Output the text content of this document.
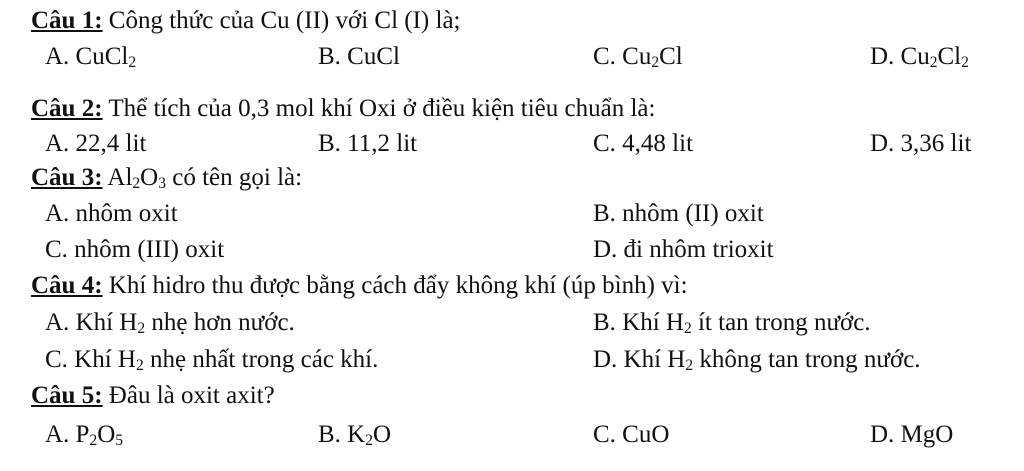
Câu 1: Công thức của Cu (II) với Cl (I) là;
A. CuCl$_2$	B. CuCl	C. $Cu_2Cl$	D. $Cu_2Cl_2$
Câu 2: Thể tích của 0,3 mol khí Oxi ở điều kiện tiêu chuẩn là:
A. 22,4 lit	B. 11,2 lit	C. 4,48 lit	D. 3,36 lit
Câu 3: $Al_2O_3$ có tên gọi là:
A. nhôm oxit	B. nhôm (II) oxit
C. nhôm (III) oxit	D. đi nhôm trioxit
Câu 4: Khí hidro thu được bằng cách đẩy không khí (úp bình) vì:
A. Khí $H_2$ nhẹ hơn nước.	B. Khí $H_2$ ít tan trong nước.
C. Khí $H_2$ nhẹ nhất trong các khí.	D. Khí $H_2$ không tan trong nước.
Câu 5: Đâu là oxit axit?
A. $P_2O_5$	B. $K_2O$	C. CuO	D. MgO
